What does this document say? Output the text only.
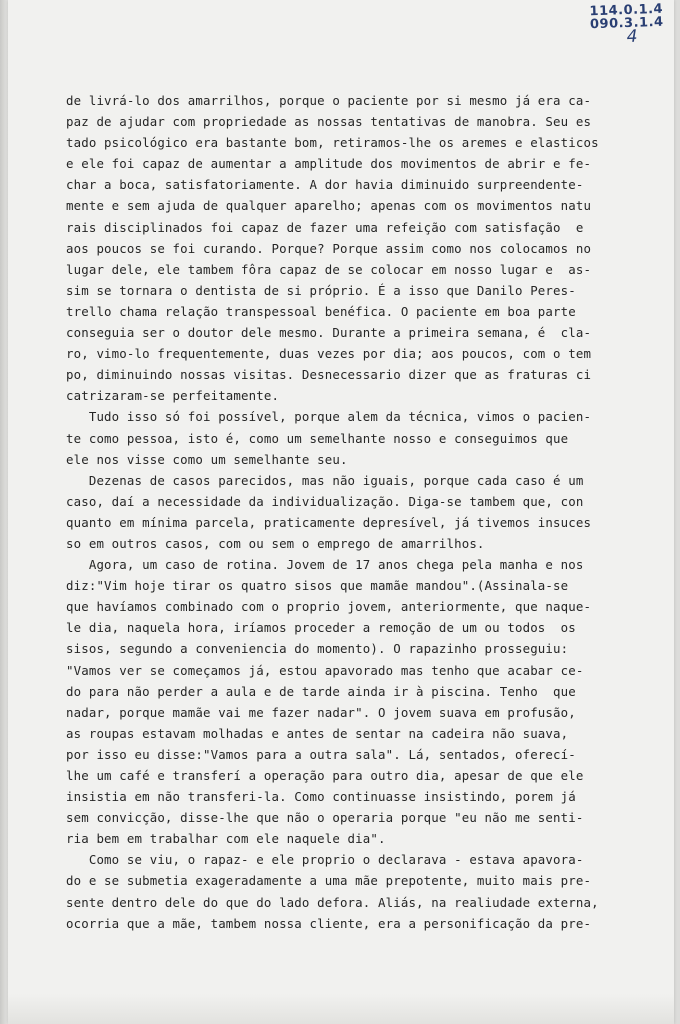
114.0.1.4
090.3.1.4
4
de livrá-lo dos amarrilhos, porque o paciente por si mesmo já era ca-
paz de ajudar com propriedade as nossas tentativas de manobra. Seu es
tado psicológico era bastante bom, retiramos-lhe os aremes e elasticos
e ele foi capaz de aumentar a amplitude dos movimentos de abrir e fe-
char a boca, satisfatoriamente. A dor havia diminuido surpreendente-
mente e sem ajuda de qualquer aparelho; apenas com os movimentos natu
rais disciplinados foi capaz de fazer uma refeição com satisfação  e
aos poucos se foi curando. Porque? Porque assim como nos colocamos no
lugar dele, ele tambem fôra capaz de se colocar em nosso lugar e  as-
sim se tornara o dentista de si próprio. É a isso que Danilo Peres-
trello chama relação transpessoal benéfica. O paciente em boa parte
conseguia ser o doutor dele mesmo. Durante a primeira semana, é  cla-
ro, vimo-lo frequentemente, duas vezes por dia; aos poucos, com o tem
po, diminuindo nossas visitas. Desnecessario dizer que as fraturas ci
catrizaram-se perfeitamente.
Tudo isso só foi possível, porque alem da técnica, vimos o pacien-
te como pessoa, isto é, como um semelhante nosso e conseguimos que
ele nos visse como um semelhante seu.
Dezenas de casos parecidos, mas não iguais, porque cada caso é um
caso, daí a necessidade da individualização. Diga-se tambem que, con
quanto em mínima parcela, praticamente depresível, já tivemos insuces
so em outros casos, com ou sem o emprego de amarrilhos.
Agora, um caso de rotina. Jovem de 17 anos chega pela manha e nos
diz:"Vim hoje tirar os quatro sisos que mamãe mandou".(Assinala-se
que havíamos combinado com o proprio jovem, anteriormente, que naque-
le dia, naquela hora, iríamos proceder a remoção de um ou todos  os
sisos, segundo a conveniencia do momento). O rapazinho prosseguiu:
"Vamos ver se começamos já, estou apavorado mas tenho que acabar ce-
do para não perder a aula e de tarde ainda ir à piscina. Tenho  que
nadar, porque mamãe vai me fazer nadar". O jovem suava em profusão,
as roupas estavam molhadas e antes de sentar na cadeira não suava,
por isso eu disse:"Vamos para a outra sala". Lá, sentados, oferecí-
lhe um café e transferí a operação para outro dia, apesar de que ele
insistia em não transferi-la. Como continuasse insistindo, porem já
sem convicção, disse-lhe que não o operaria porque "eu não me senti-
ria bem em trabalhar com ele naquele dia".
Como se viu, o rapaz- e ele proprio o declarava - estava apavora-
do e se submetia exageradamente a uma mãe prepotente, muito mais pre-
sente dentro dele do que do lado defora. Aliás, na realiudade externa,
ocorria que a mãe, tambem nossa cliente, era a personificação da pre-
